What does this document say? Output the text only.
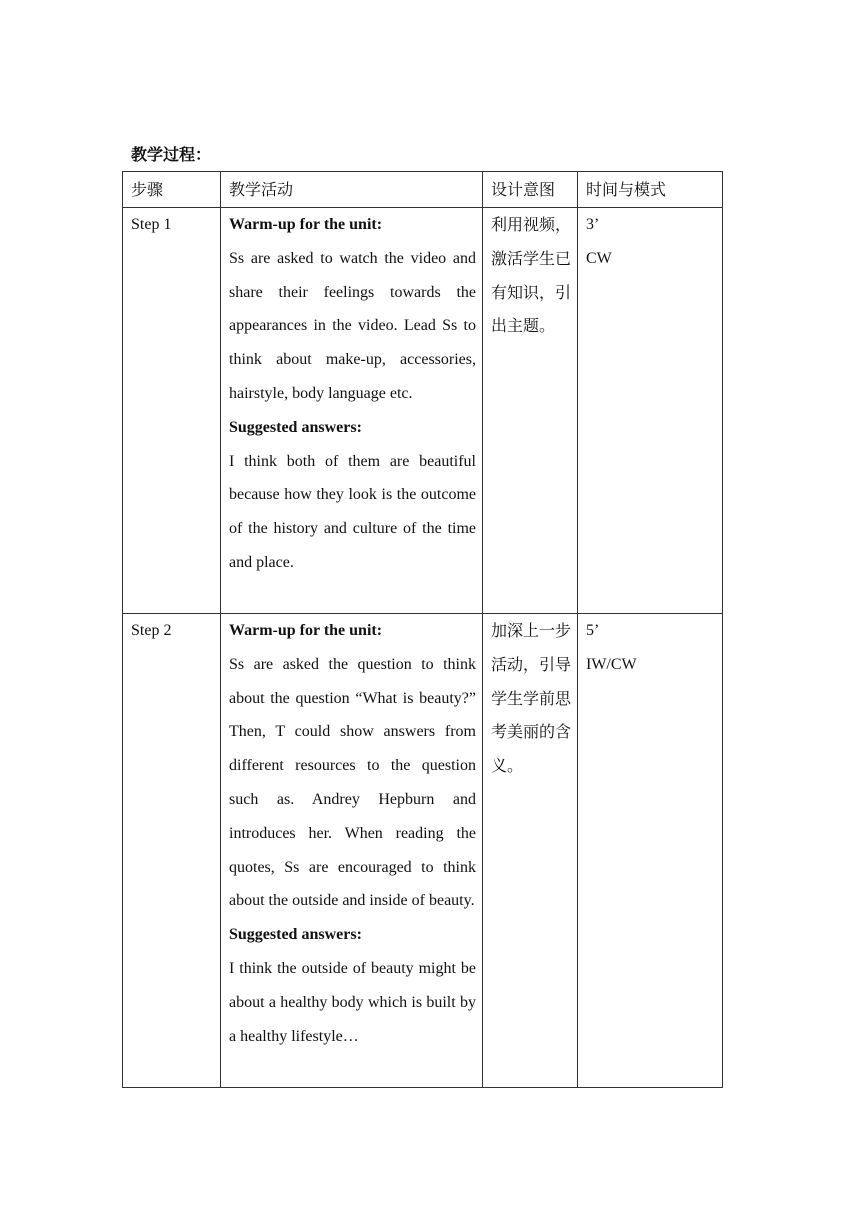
教学过程：
步骤	教学活动	设计意图	时间与模式
Step 1	Warm-up for the unit:
Ss are asked to watch the video and share their feelings towards the appearances in the video. Lead Ss to think about make-up, accessories, hairstyle, body language etc.
Suggested answers:
I think both of them are beautiful because how they look is the outcome of the history and culture of the time and place.	利用视频，激活学生已有知识，引出主题。	3’
CW

Step 2	Warm-up for the unit:
Ss are asked the question to think about the question “What is beauty?” Then, T could show answers from different resources to the question such as. Andrey Hepburn and introduces her. When reading the quotes, Ss are encouraged to think about the outside and inside of beauty.
Suggested answers:
I think the outside of beauty might be about a healthy body which is built by a healthy lifestyle…	加深上一步活动，引导学生学前思考美丽的含义。	5’
IW/CW
